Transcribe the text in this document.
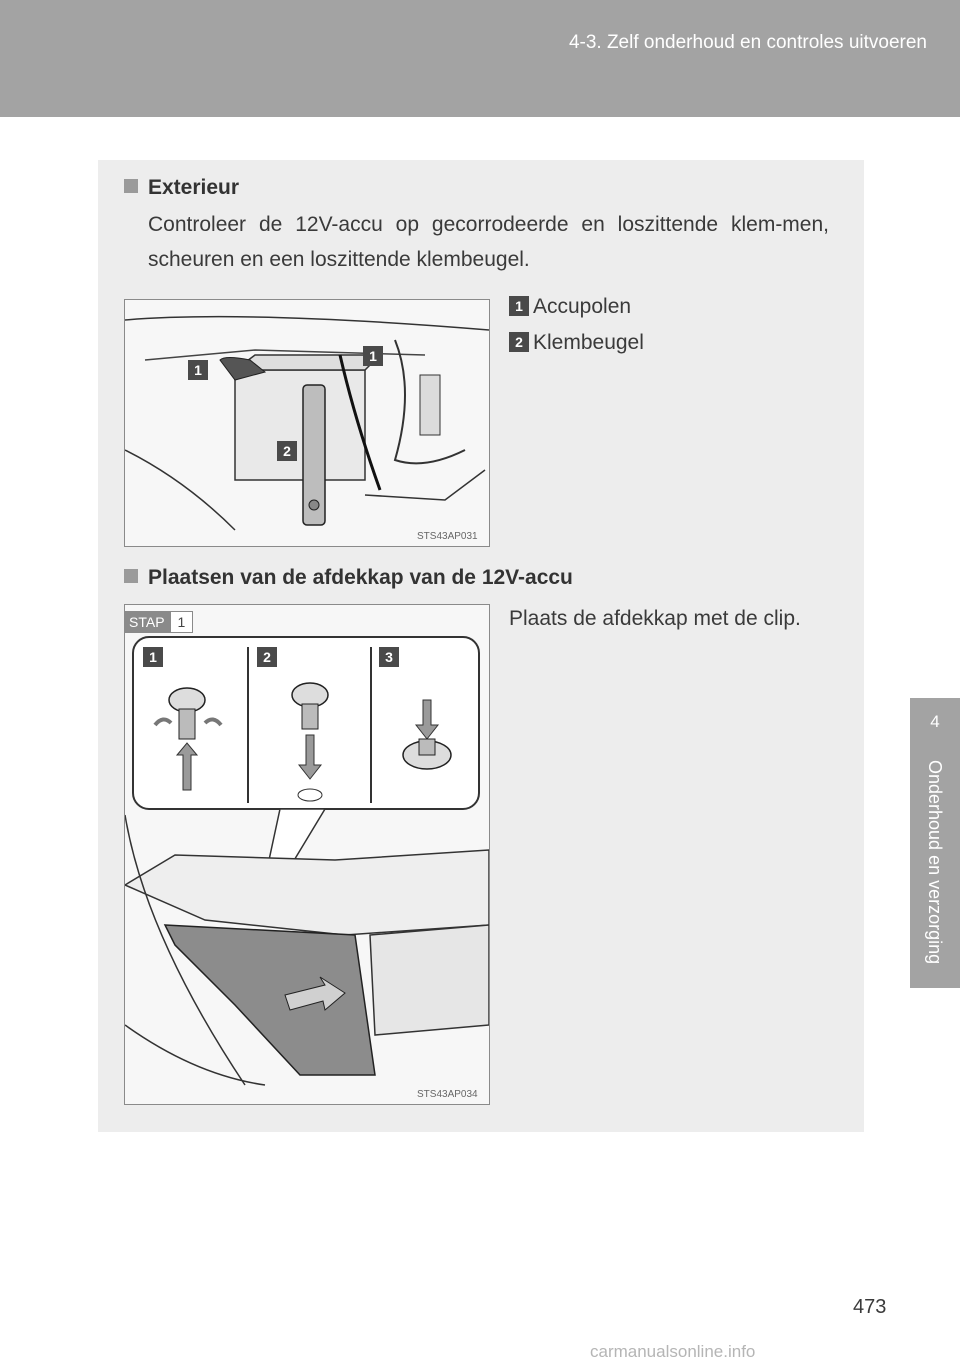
4-3. Zelf onderhoud en controles uitvoeren
4
Onderhoud en verzorging
Exterieur
Controleer de 12V-accu op gecorrodeerde en loszittende klem-men, scheuren en een loszittende klembeugel.
1
1
2
STS43AP031
1 Accupolen
2 Klembeugel
Plaatsen van de afdekkap van de 12V-accu
1	2	3
STS43AP034
STAP 1	Plaats de afdekkap met de clip.
473
carmanualsonline.info
